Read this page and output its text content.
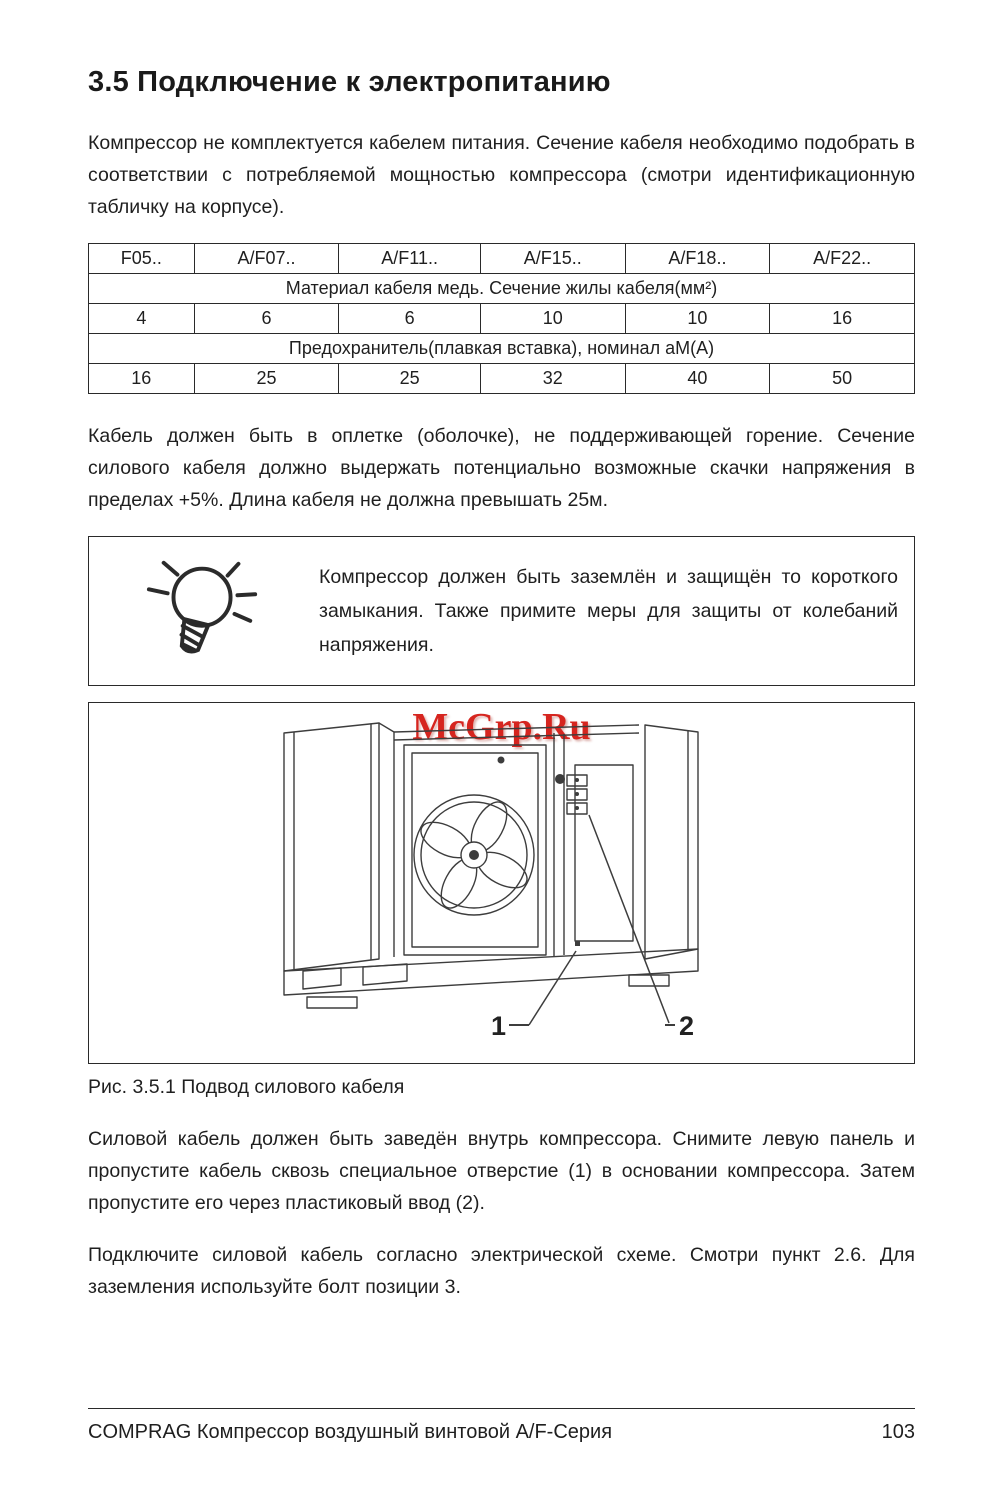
3.5 Подключение к электропитанию

Компрессор не комплектуется кабелем питания. Сечение кабеля необходимо подобрать в соответствии с потребляемой мощностью компрессора (смотри идентификационную табличку на корпусе).

F05..	A/F07..	A/F11..	A/F15..	A/F18..	A/F22..
Материал кабеля медь. Сечение жилы кабеля(мм²)					
4	6	6	10	10	16
Предохранитель(плавкая вставка), номинал аМ(А)					
16	25	25	32	40	50

Кабель должен быть в оплетке (оболочке), не поддерживающей горение. Сечение силового кабеля должно выдержать потенциально возможные скачки напряжения в пределах +5%. Длина кабеля не должна превышать 25м.

Компрессор должен быть заземлён и защищён то короткого замыкания. Также примите меры для защиты от колебаний напряжения.

McGrp.Ru
1	2

Рис. 3.5.1 Подвод силового кабеля

Силовой кабель должен быть заведён внутрь компрессора. Снимите левую панель и пропустите кабель сквозь специальное отверстие (1) в основании компрессора. Затем пропустите его через пластиковый ввод (2).

Подключите силовой кабель согласно электрической схеме. Смотри пункт 2.6. Для заземления используйте болт позиции 3.

COMPRAG Компрессор воздушный винтовой A/F-Серия	103
